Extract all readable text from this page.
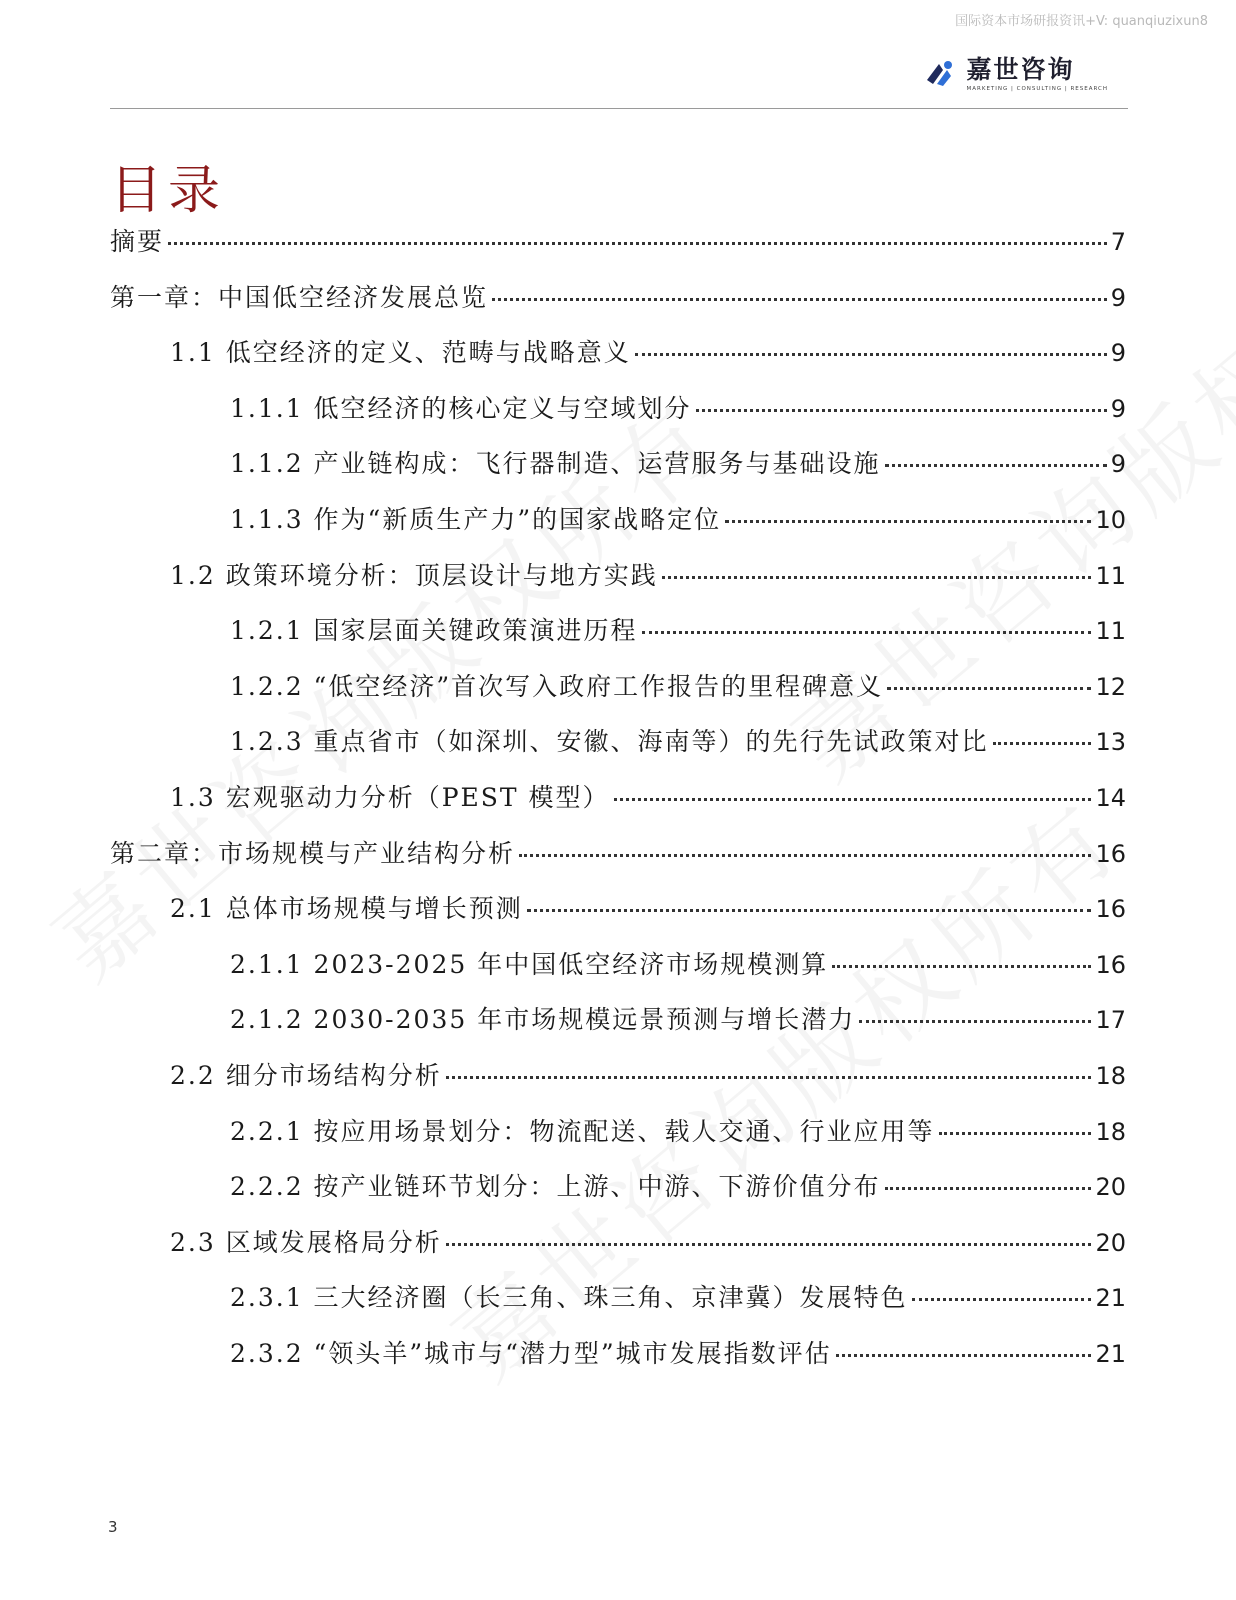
国际资本市场研报资讯+V: quanqiuzixun8
嘉世咨询
MARKETING | CONSULTING | RESEARCH
目录
摘要	7
第一章：中国低空经济发展总览	9
1.1 低空经济的定义、范畴与战略意义	9
1.1.1 低空经济的核心定义与空域划分	9
1.1.2 产业链构成：飞行器制造、运营服务与基础设施	9
1.1.3 作为“新质生产力”的国家战略定位	10
1.2 政策环境分析：顶层设计与地方实践	11
1.2.1 国家层面关键政策演进历程	11
1.2.2 “低空经济”首次写入政府工作报告的里程碑意义	12
1.2.3 重点省市（如深圳、安徽、海南等）的先行先试政策对比	13
1.3 宏观驱动力分析（PEST 模型）	14
第二章：市场规模与产业结构分析	16
2.1 总体市场规模与增长预测	16
2.1.1 2023-2025 年中国低空经济市场规模测算	16
2.1.2 2030-2035 年市场规模远景预测与增长潜力	17
2.2 细分市场结构分析	18
2.2.1 按应用场景划分：物流配送、载人交通、行业应用等	18
2.2.2 按产业链环节划分：上游、中游、下游价值分布	20
2.3 区域发展格局分析	20
2.3.1 三大经济圈（长三角、珠三角、京津冀）发展特色	21
2.3.2 “领头羊”城市与“潜力型”城市发展指数评估	21
3
